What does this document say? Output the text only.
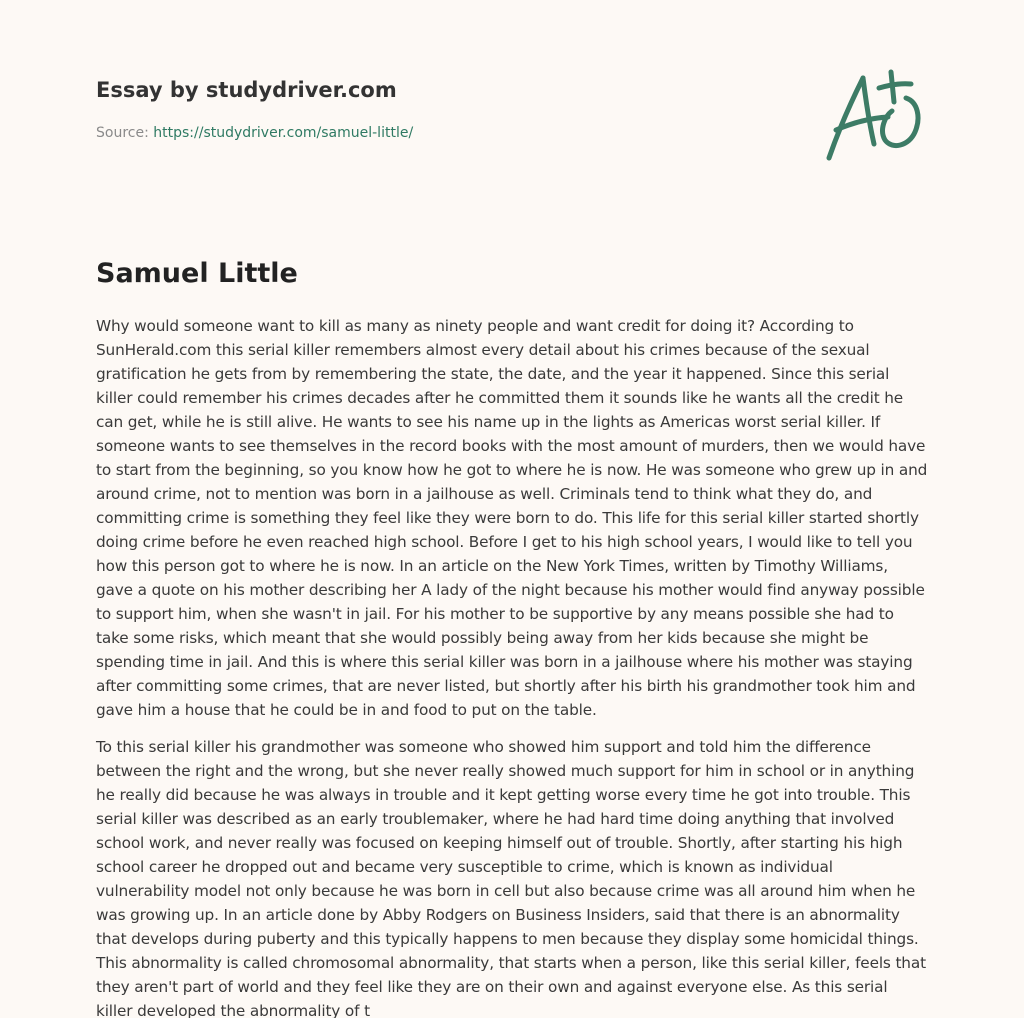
Essay by studydriver.com
Source: https://studydriver.com/samuel-little/
Samuel Little

Why would someone want to kill as many as ninety people and want credit for doing it? According to SunHerald.com this serial killer remembers almost every detail about his crimes because of the sexual gratification he gets from by remembering the state, the date, and the year it happened. Since this serial killer could remember his crimes decades after he committed them it sounds like he wants all the credit he can get, while he is still alive. He wants to see his name up in the lights as Americas worst serial killer. If someone wants to see themselves in the record books with the most amount of murders, then we would have to start from the beginning, so you know how he got to where he is now. He was someone who grew up in and around crime, not to mention was born in a jailhouse as well. Criminals tend to think what they do, and committing crime is something they feel like they were born to do. This life for this serial killer started shortly doing crime before he even reached high school. Before I get to his high school years, I would like to tell you how this person got to where he is now. In an article on the New York Times, written by Timothy Williams, gave a quote on his mother describing her A lady of the night because his mother would find anyway possible to support him, when she wasn't in jail. For his mother to be supportive by any means possible she had to take some risks, which meant that she would possibly being away from her kids because she might be spending time in jail. And this is where this serial killer was born in a jailhouse where his mother was staying after committing some crimes, that are never listed, but shortly after his birth his grandmother took him and gave him a house that he could be in and food to put on the table.

To this serial killer his grandmother was someone who showed him support and told him the difference between the right and the wrong, but she never really showed much support for him in school or in anything he really did because he was always in trouble and it kept getting worse every time he got into trouble. This serial killer was described as an early troublemaker, where he had hard time doing anything that involved school work, and never really was focused on keeping himself out of trouble. Shortly, after starting his high school career he dropped out and became very susceptible to crime, which is known as individual vulnerability model not only because he was born in cell but also because crime was all around him when he was growing up. In an article done by Abby Rodgers on Business Insiders, said that there is an abnormality that develops during puberty and this typically happens to men because they display some homicidal things. This abnormality is called chromosomal abnormality, that starts when a person, like this serial killer, feels that they aren't part of world and they feel like they are on their own and against everyone else. As this serial killer developed the abnormality of t
